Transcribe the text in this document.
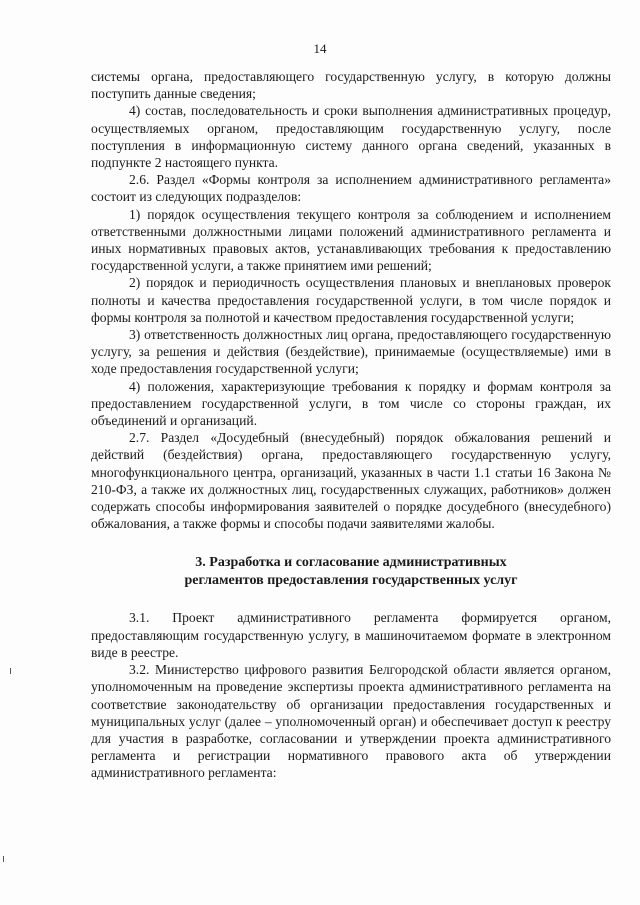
14

системы органа, предоставляющего государственную услугу, в которую должны поступить данные сведения;

4) состав, последовательность и сроки выполнения административных процедур, осуществляемых органом, предоставляющим государственную услугу, после поступления в информационную систему данного органа сведений, указанных в подпункте 2 настоящего пункта.

2.6. Раздел «Формы контроля за исполнением административного регламента» состоит из следующих подразделов:

1) порядок осуществления текущего контроля за соблюдением и исполнением ответственными должностными лицами положений административного регламента и иных нормативных правовых актов, устанавливающих требования к предоставлению государственной услуги, а также принятием ими решений;

2) порядок и периодичность осуществления плановых и внеплановых проверок полноты и качества предоставления государственной услуги, в том числе порядок и формы контроля за полнотой и качеством предоставления государственной услуги;

3) ответственность должностных лиц органа, предоставляющего государственную услугу, за решения и действия (бездействие), принимаемые (осуществляемые) ими в ходе предоставления государственной услуги;

4) положения, характеризующие требования к порядку и формам контроля за предоставлением государственной услуги, в том числе со стороны граждан, их объединений и организаций.

2.7. Раздел «Досудебный (внесудебный) порядок обжалования решений и действий (бездействия) органа, предоставляющего государственную услугу, многофункционального центра, организаций, указанных в части 1.1 статьи 16 Закона № 210-ФЗ, а также их должностных лиц, государственных служащих, работников» должен содержать способы информирования заявителей о порядке досудебного (внесудебного) обжалования, а также формы и способы подачи заявителями жалобы.

3. Разработка и согласование административных
регламентов предоставления государственных услуг

3.1. Проект административного регламента формируется органом, предоставляющим государственную услугу, в машиночитаемом формате в электронном виде в реестре.

3.2. Министерство цифрового развития Белгородской области является органом, уполномоченным на проведение экспертизы проекта административного регламента на соответствие законодательству об организации предоставления государственных и муниципальных услуг (далее – уполномоченный орган) и обеспечивает доступ к реестру для участия в разработке, согласовании и утверждении проекта административного регламента и регистрации нормативного правового акта об утверждении административного регламента:
